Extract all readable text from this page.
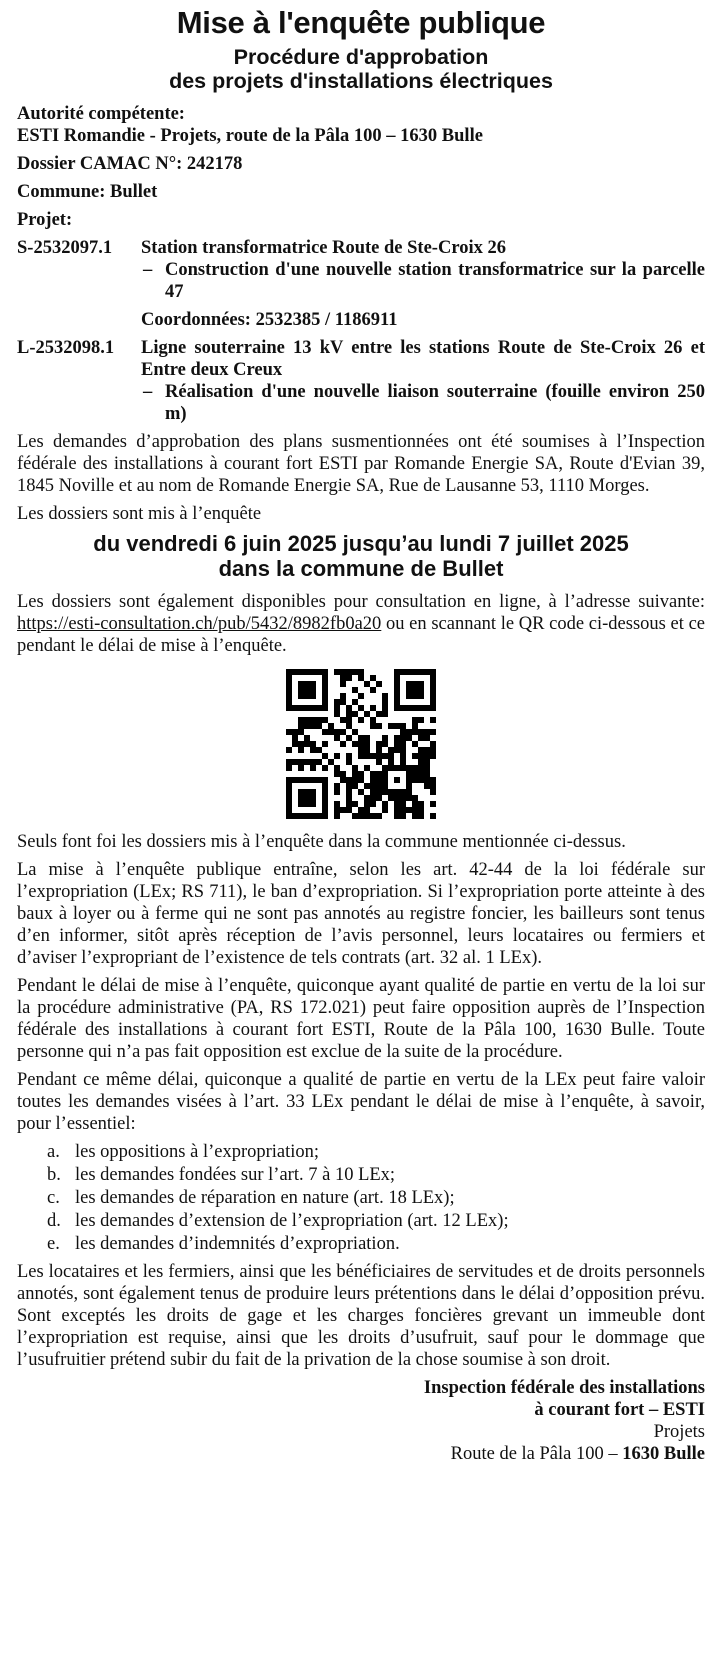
Mise à l'enquête publique
Procédure d'approbation
des projets d'installations électriques
Autorité compétente:
ESTI Romandie - Projets, route de la Pâla 100 – 1630 Bulle
Dossier CAMAC N°: 242178
Commune: Bullet
Projet:
S-2532097.1	Station transformatrice Route de Ste-Croix 26
– Construction d'une nouvelle station transformatrice sur la parcelle 47
Coordonnées: 2532385 / 1186911
L-2532098.1	Ligne souterraine 13 kV entre les stations Route de Ste-Croix 26 et Entre deux Creux
– Réalisation d'une nouvelle liaison souterraine (fouille environ 250 m)

Les demandes d’approbation des plans susmentionnées ont été soumises à l’Inspection fédérale des installations à courant fort ESTI par Romande Energie SA, Route d'Evian 39, 1845 Noville et au nom de Romande Energie SA, Rue de Lausanne 53, 1110 Morges.

Les dossiers sont mis à l’enquête

du vendredi 6 juin 2025 jusqu’au lundi 7 juillet 2025
dans la commune de Bullet

Les dossiers sont également disponibles pour consultation en ligne, à l’adresse suivante: https://esti-consultation.ch/pub/5432/8982fb0a20 ou en scannant le QR code ci-dessous et ce pendant le délai de mise à l’enquête.

Seuls font foi les dossiers mis à l’enquête dans la commune mentionnée ci-dessus.

La mise à l’enquête publique entraîne, selon les art. 42-44 de la loi fédérale sur l’expropriation (LEx; RS 711), le ban d’expropriation. Si l’expropriation porte atteinte à des baux à loyer ou à ferme qui ne sont pas annotés au registre foncier, les bailleurs sont tenus d’en informer, sitôt après réception de l’avis personnel, leurs locataires ou fermiers et d’aviser l’expropriant de l’existence de tels contrats (art. 32 al. 1 LEx).

Pendant le délai de mise à l’enquête, quiconque ayant qualité de partie en vertu de la loi sur la procédure administrative (PA, RS 172.021) peut faire opposition auprès de l’Inspection fédérale des installations à courant fort ESTI, Route de la Pâla 100, 1630 Bulle. Toute personne qui n’a pas fait opposition est exclue de la suite de la procédure.

Pendant ce même délai, quiconque a qualité de partie en vertu de la LEx peut faire valoir toutes les demandes visées à l’art. 33 LEx pendant le délai de mise à l’enquête, à savoir, pour l’essentiel:

a. les oppositions à l’expropriation;
b. les demandes fondées sur l’art. 7 à 10 LEx;
c. les demandes de réparation en nature (art. 18 LEx);
d. les demandes d’extension de l’expropriation (art. 12 LEx);
e. les demandes d’indemnités d’expropriation.

Les locataires et les fermiers, ainsi que les bénéficiaires de servitudes et de droits personnels annotés, sont également tenus de produire leurs prétentions dans le délai d’opposition prévu. Sont exceptés les droits de gage et les charges foncières grevant un immeuble dont l’expropriation est requise, ainsi que les droits d’usufruit, sauf pour le dommage que l’usufruitier prétend subir du fait de la privation de la chose soumise à son droit.

Inspection fédérale des installations
à courant fort – ESTI
Projets
Route de la Pâla 100 – 1630 Bulle
